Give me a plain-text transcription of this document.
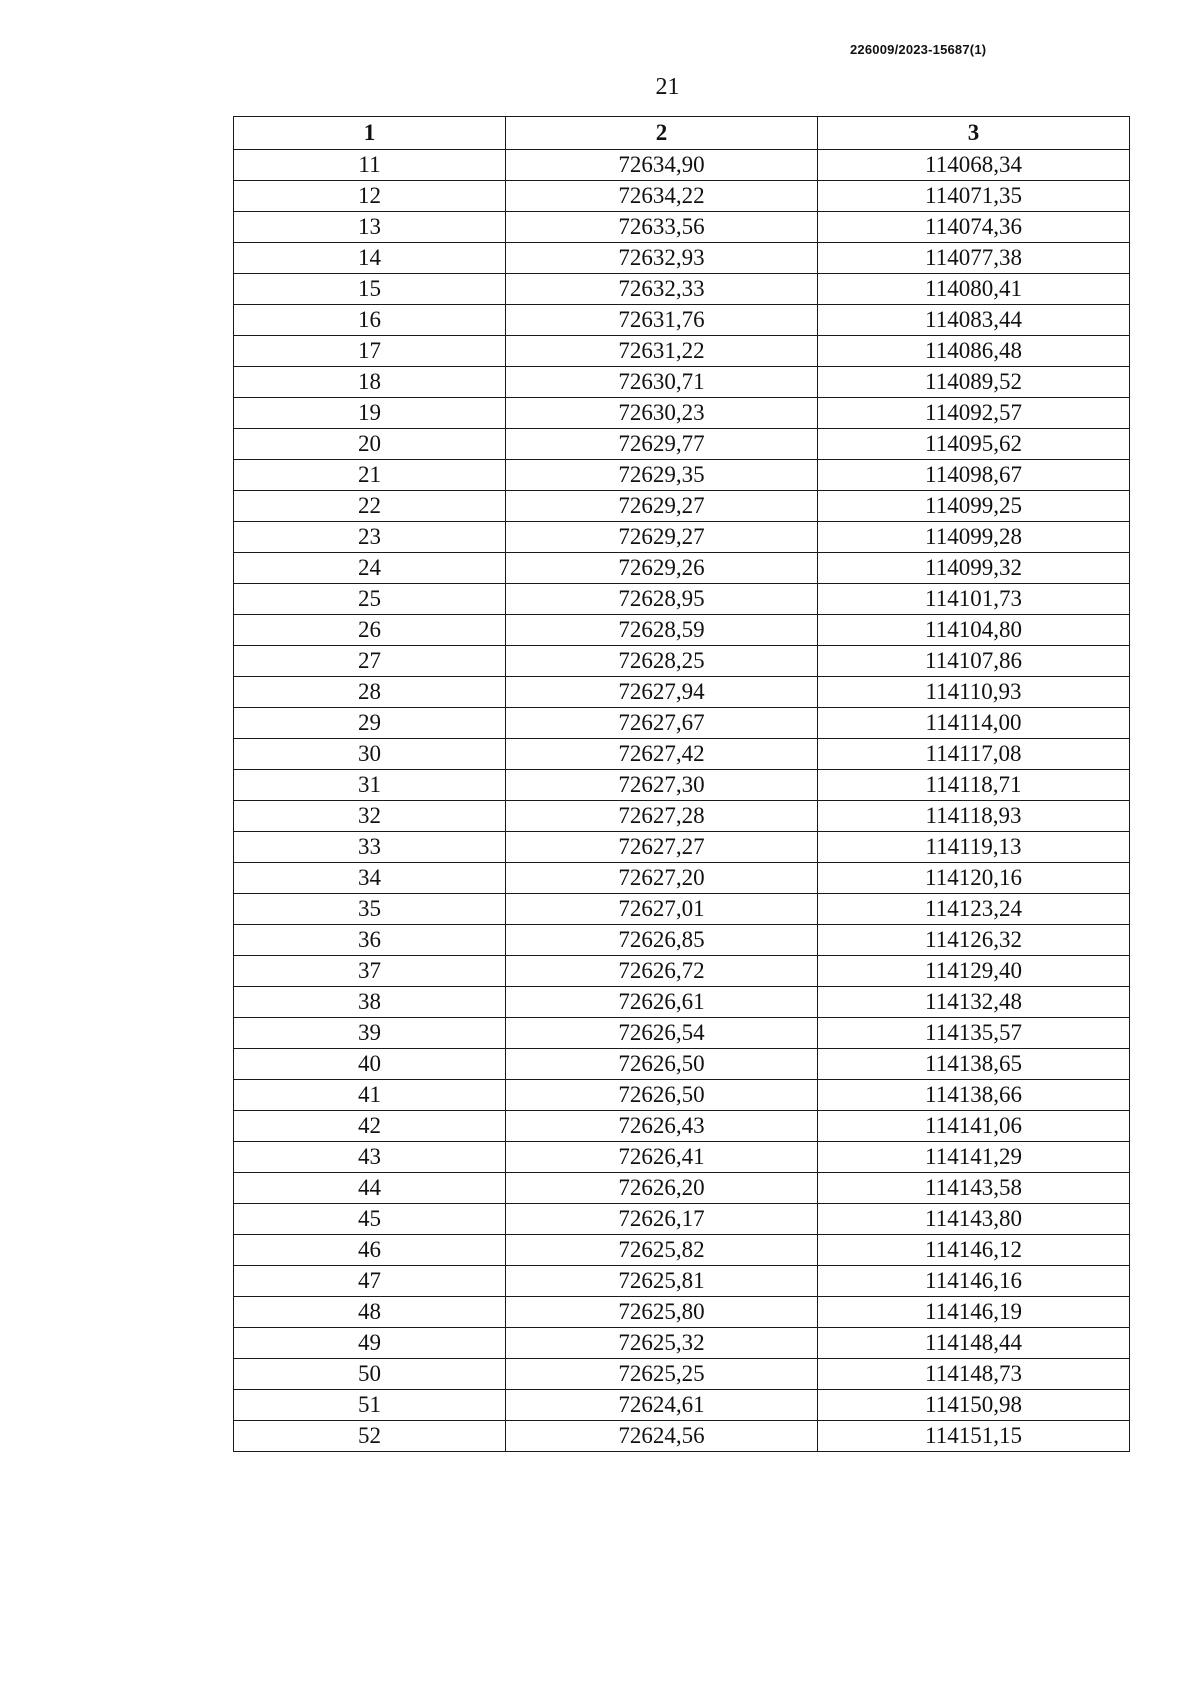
226009/2023-15687(1)
21
1	2	3
11	72634,90	114068,34
12	72634,22	114071,35
13	72633,56	114074,36
14	72632,93	114077,38
15	72632,33	114080,41
16	72631,76	114083,44
17	72631,22	114086,48
18	72630,71	114089,52
19	72630,23	114092,57
20	72629,77	114095,62
21	72629,35	114098,67
22	72629,27	114099,25
23	72629,27	114099,28
24	72629,26	114099,32
25	72628,95	114101,73
26	72628,59	114104,80
27	72628,25	114107,86
28	72627,94	114110,93
29	72627,67	114114,00
30	72627,42	114117,08
31	72627,30	114118,71
32	72627,28	114118,93
33	72627,27	114119,13
34	72627,20	114120,16
35	72627,01	114123,24
36	72626,85	114126,32
37	72626,72	114129,40
38	72626,61	114132,48
39	72626,54	114135,57
40	72626,50	114138,65
41	72626,50	114138,66
42	72626,43	114141,06
43	72626,41	114141,29
44	72626,20	114143,58
45	72626,17	114143,80
46	72625,82	114146,12
47	72625,81	114146,16
48	72625,80	114146,19
49	72625,32	114148,44
50	72625,25	114148,73
51	72624,61	114150,98
52	72624,56	114151,15
